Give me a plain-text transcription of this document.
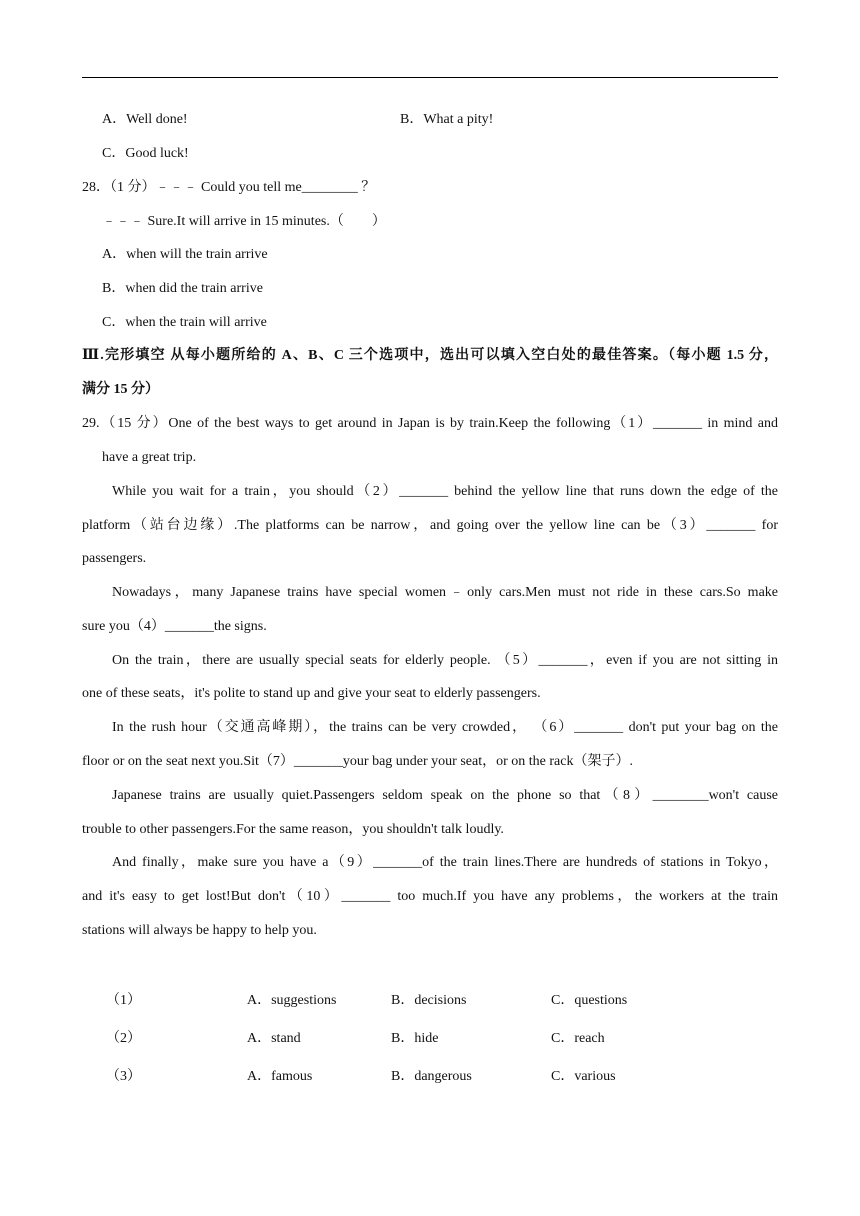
A．Well done!	B．What a pity!
C．Good luck!
28．（1 分）﹣﹣﹣ Could you tell me________ ？
﹣﹣﹣ Sure.It will arrive in 15 minutes.（　　）
A．when will the train arrive
B．when did the train arrive
C．when the train will arrive
Ⅲ.完形填空 从每小题所给的 A、B、C 三个选项中，选出可以填入空白处的最佳答案。（每小题 1.5 分，
满分 15 分）
29.（15 分）One of the best ways to get around in Japan is by train.Keep the following（1）_______ in mind and
have a great trip.
While you wait for a train，you should（2）_______ behind the yellow line that runs down the edge of the
platform（站台边缘）.The platforms can be narrow，and going over the yellow line can be（3）_______ for
passengers.
Nowadays，many Japanese trains have special women﹣only cars.Men must not ride in these cars.So make
sure you（4）_______the signs.
On the train，there are usually special seats for elderly people. （5）_______，even if you are not sitting in
one of these seats，it's polite to stand up and give your seat to elderly passengers.
In the rush hour（交通高峰期），the trains can be very crowded， （6）_______ don't put your bag on the
floor or on the seat next you.Sit（7）_______your bag under your seat，or on the rack（架子）.
Japanese trains are usually quiet.Passengers seldom speak on the phone so that（8）________won't cause
trouble to other passengers.For the same reason，you shouldn't talk loudly.
And finally，make sure you have a（9）_______of the train lines.There are hundreds of stations in Tokyo，
and it's easy to get lost!But don't（10）_______ too much.If you have any problems，the workers at the train
stations will always be happy to help you.
（1）	A．suggestions	B．decisions	C．questions
（2）	A．stand	B．hide	C．reach
（3）	A．famous	B．dangerous	C．various
